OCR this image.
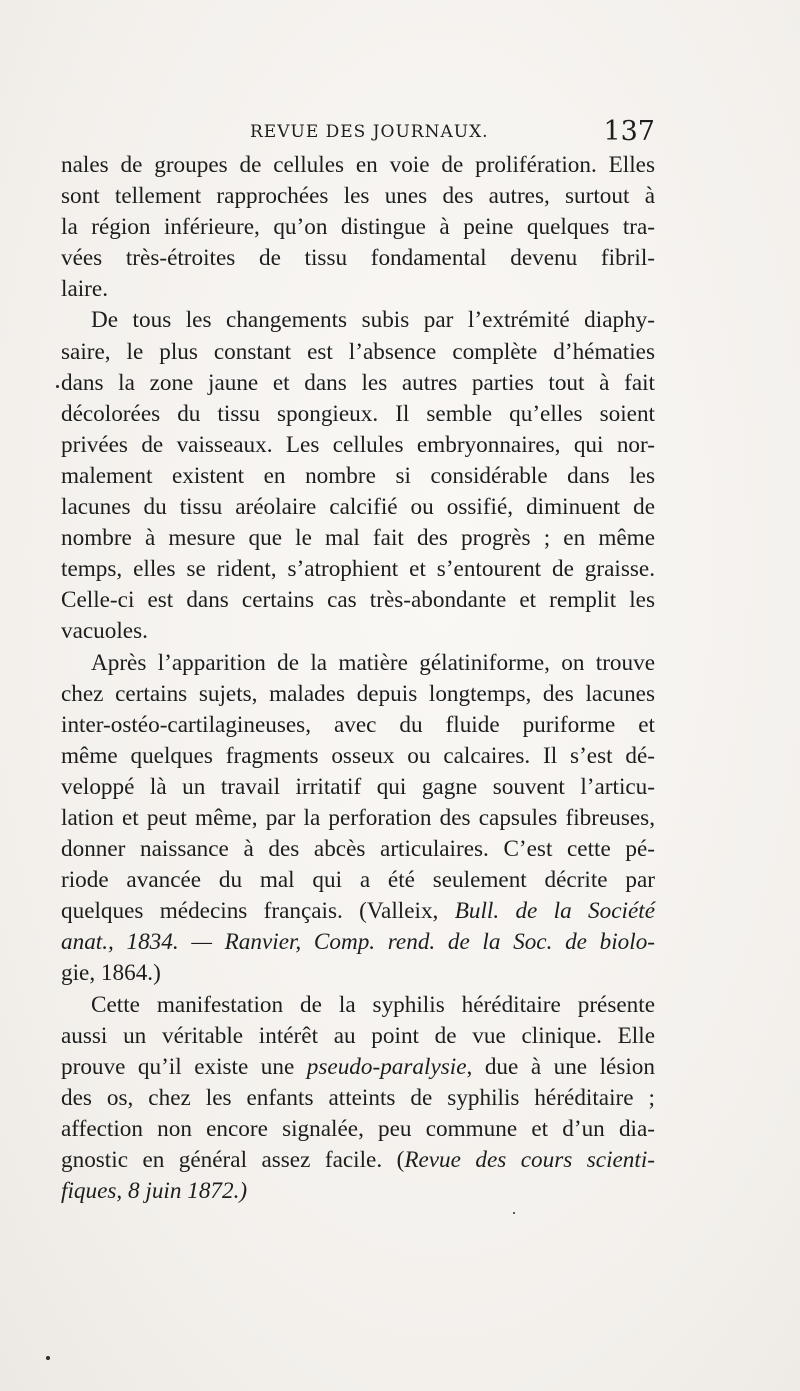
REVUE DES JOURNAUX.	137
nales de groupes de cellules en voie de prolifération. Elles
sont tellement rapprochées les unes des autres, surtout à
la région inférieure, qu’on distingue à peine quelques tra-
vées très-étroites de tissu fondamental devenu fibril-
laire.
De tous les changements subis par l’extrémité diaphy-
saire, le plus constant est l’absence complète d’hématies
dans la zone jaune et dans les autres parties tout à fait
décolorées du tissu spongieux. Il semble qu’elles soient
privées de vaisseaux. Les cellules embryonnaires, qui nor-
malement existent en nombre si considérable dans les
lacunes du tissu aréolaire calcifié ou ossifié, diminuent de
nombre à mesure que le mal fait des progrès ; en même
temps, elles se rident, s’atrophient et s’entourent de graisse.
Celle-ci est dans certains cas très-abondante et remplit les
vacuoles.
Après l’apparition de la matière gélatiniforme, on trouve
chez certains sujets, malades depuis longtemps, des lacunes
inter-ostéo-cartilagineuses, avec du fluide puriforme et
même quelques fragments osseux ou calcaires. Il s’est dé-
veloppé là un travail irritatif qui gagne souvent l’articu-
lation et peut même, par la perforation des capsules fibreuses,
donner naissance à des abcès articulaires. C’est cette pé-
riode avancée du mal qui a été seulement décrite par
quelques médecins français. (Valleix, Bull. de la Société
anat., 1834. — Ranvier, Comp. rend. de la Soc. de biolo-
gie, 1864.)
Cette manifestation de la syphilis héréditaire présente
aussi un véritable intérêt au point de vue clinique. Elle
prouve qu’il existe une pseudo-paralysie, due à une lésion
des os, chez les enfants atteints de syphilis héréditaire ;
affection non encore signalée, peu commune et d’un dia-
gnostic en général assez facile. (Revue des cours scienti-
fiques, 8 juin 1872.)
